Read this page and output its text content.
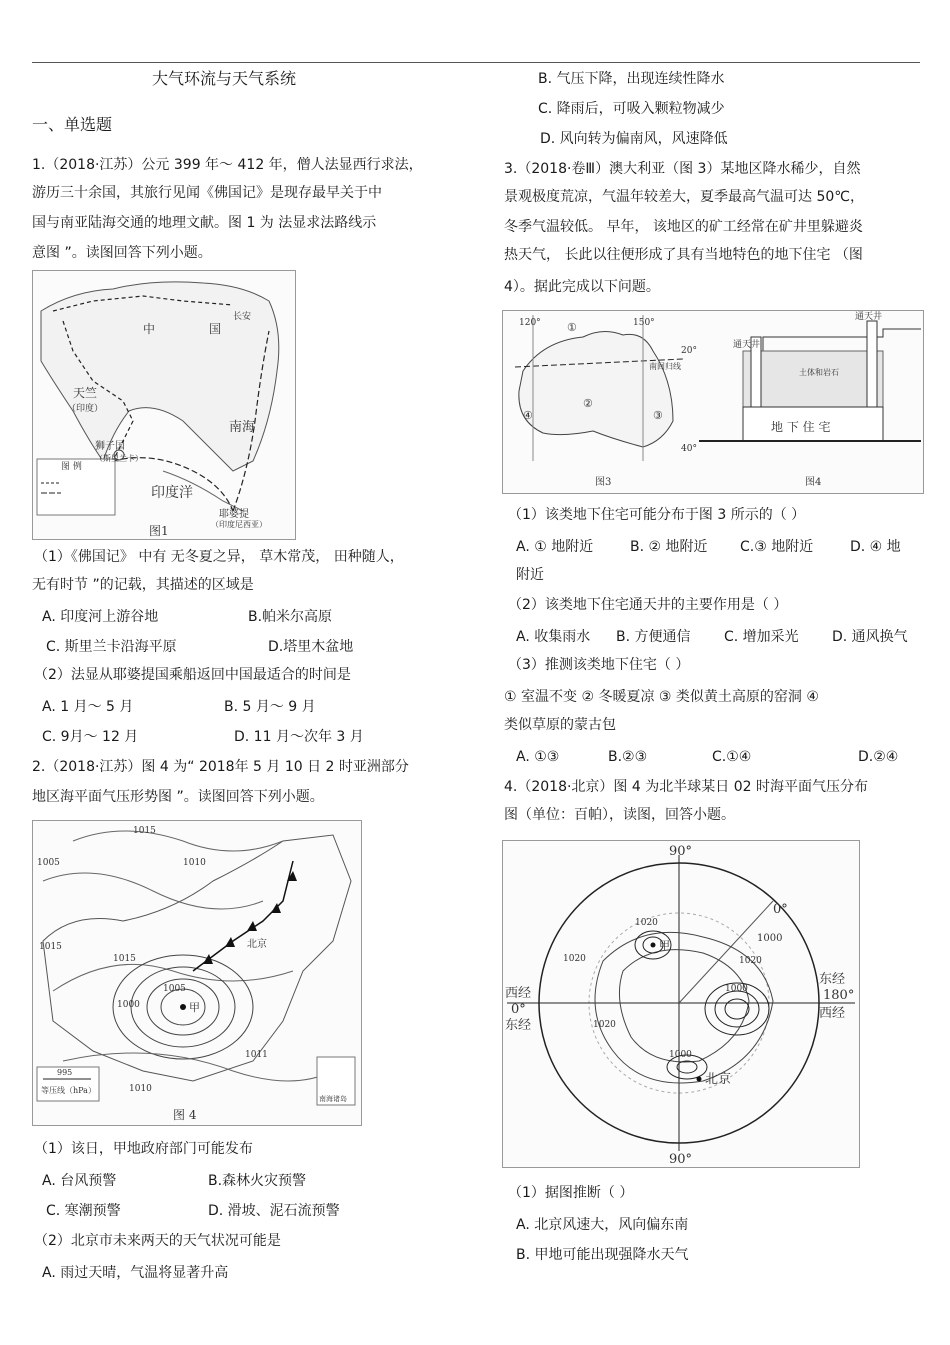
大气环流与天气系统
一、单选题
1.（2018·江苏）公元 399 年～ 412 年，僧人法显西行求法，
游历三十余国，其旅行见闻《佛国记》是现存最早关于中
国与南亚陆海交通的地理文献。图 1 为 法显求法路线示
意图 ”。读图回答下列小题。
中	国
天竺
（印度）
狮子国
（斯里兰卡）
印度洋
耶婆提
（印度尼西亚）
南海
长安
图 例
图1
（1）《佛国记》 中有 无冬夏之异， 草木常茂， 田种随人，
无有时节 ”的记载，其描述的区域是
A. 印度河上游谷地	B.帕米尔高原
C. 斯里兰卡沿海平原	D.塔里木盆地
（2）法显从耶婆提国乘船返回中国最适合的时间是
A. 1 月～ 5 月	B. 5 月～ 9 月
C. 9月～ 12 月	D. 11 月～次年 3 月
2.（2018·江苏）图 4 为“ 2018年 5 月 10 日 2 时亚洲部分
地区海平面气压形势图 ”。读图回答下列小题。
1015
1005	1010
1015
1000
1005
1015
1011
1010
995
北京
甲
等压线（hPa）
南海诸岛
图 4
（1）该日，甲地政府部门可能发布
A. 台风预警	B.森林火灾预警
C. 寒潮预警	D. 滑坡、泥石流预警
（2）北京市未来两天的天气状况可能是
A. 雨过天晴，气温将显著升高
B. 气压下降，出现连续性降水
C. 降雨后，可吸入颗粒物减少
D. 风向转为偏南风，风速降低
3.（2018·卷Ⅲ）澳大利亚（图 3）某地区降水稀少，自然
景观极度荒凉，气温年较差大，夏季最高气温可达 50℃，
冬季气温较低。 早年， 该地区的矿工经常在矿井里躲避炎
热天气， 长此以往便形成了具有当地特色的地下住宅 （图
4）。据此完成以下问题。
120°	150°
20°
40°
①
②
③
④
南回归线
图3
通天井
通天井
地 下 住 宅
土体和岩石
图4
（1）该类地下住宅可能分布于图 3 所示的（ ）
A. ① 地附近	B. ② 地附近 C.③ 地附近	D. ④ 地
附近
（2）该类地下住宅通天井的主要作用是（ ）
A. 收集雨水 B. 方便通信 C. 增加采光 D. 通风换气
（3）推测该类地下住宅（ ）
① 室温不变 ② 冬暖夏凉 ③ 类似黄土高原的窑洞 ④
类似草原的蒙古包
A. ①③	B.②③	C.①④	D.②④
4.（2018·北京）图 4 为北半球某日 02 时海平面气压分布
图（单位：百帕），读图，回答小题。
90°
0°
1000
1020
1020
1000
1020
1000
1020
西经
0°
东经
东经
180°
西经
甲
北京
90°
（1）据图推断（ ）
A. 北京风速大，风向偏东南
B. 甲地可能出现强降水天气
